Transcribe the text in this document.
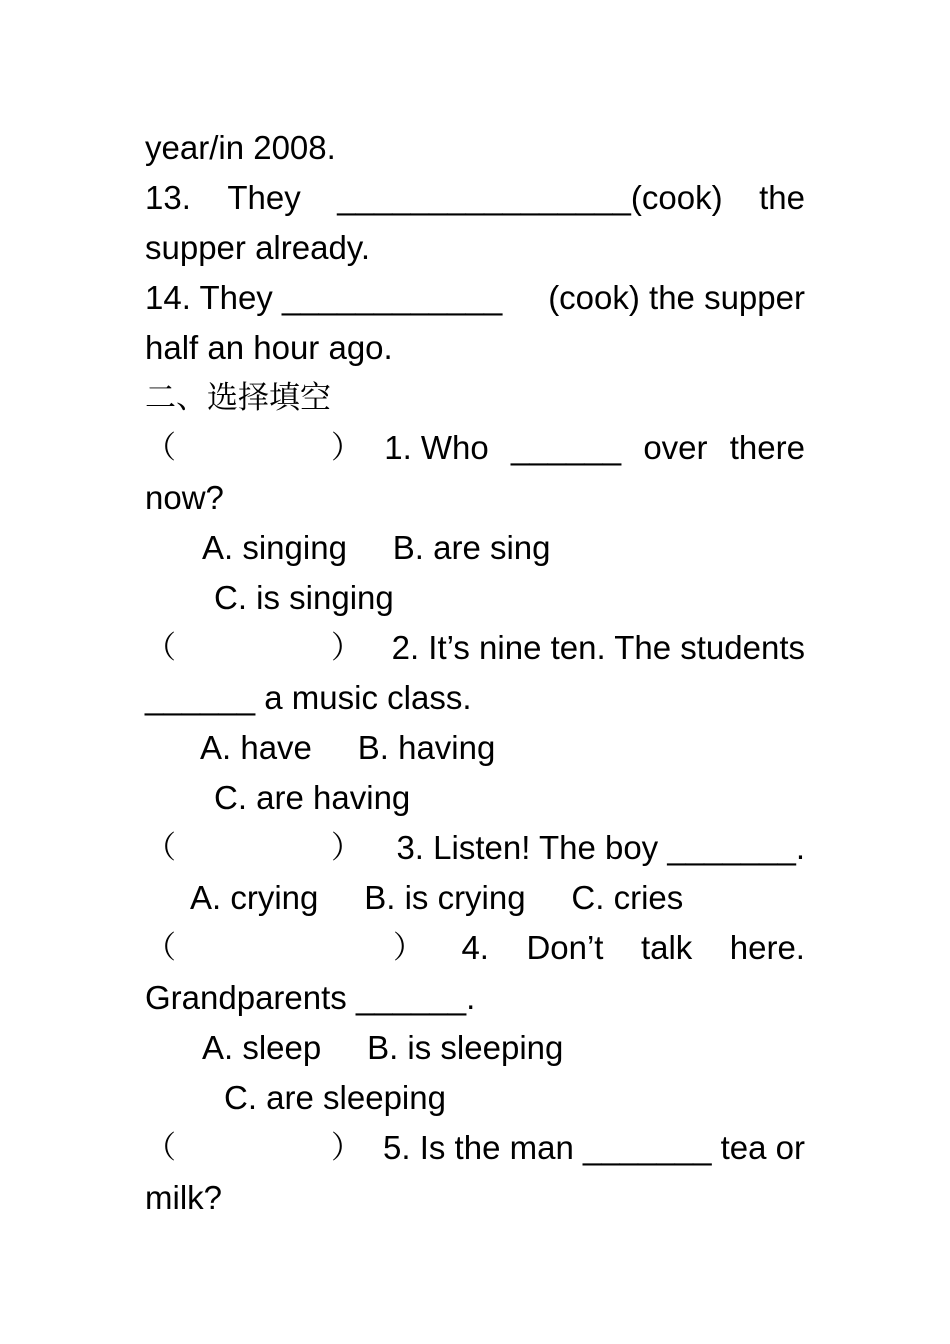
year/in 2008.
13. They ________________(cook) the
supper already.
14. They ____________ (cook) the supper
half an hour ago.
二、选择填空
（　　　　　） 1. Who ______ over there
now?
A. singing     B. are sing
C. is singing
（　　　　　） 2. It’s nine ten. The students
______ a music class.
A. have     B. having
C. are having
（　　　　　） 3. Listen! The boy _______.
A. crying     B. is crying     C. cries
（　　　　　　　） 4. Don’t talk here.
Grandparents ______.
A. sleep     B. is sleeping
C. are sleeping
（　　　　　） 5. Is the man _______ tea or
milk?
